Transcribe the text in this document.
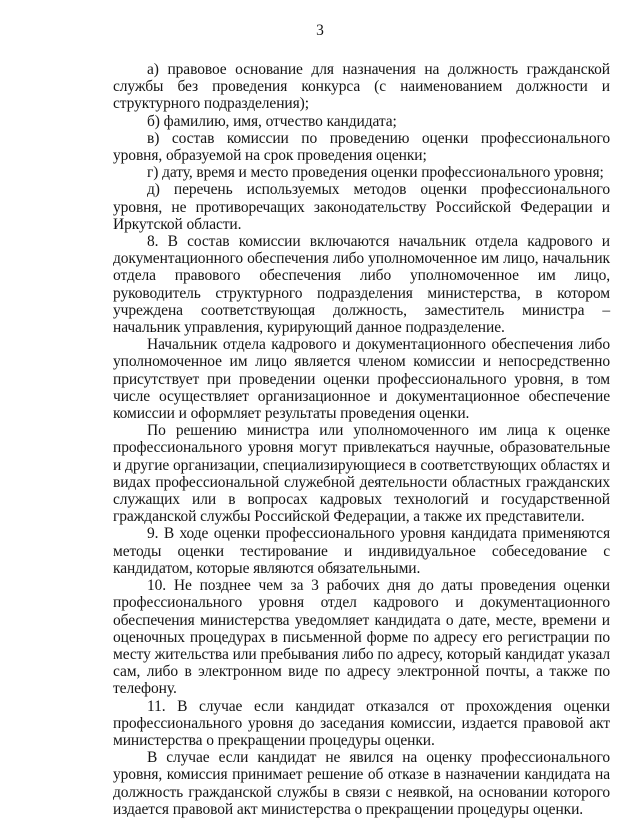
3

а) правовое основание для назначения на должность гражданской службы без проведения конкурса (с наименованием должности и структурного подразделения);

б) фамилию, имя, отчество кандидата;

в) состав комиссии по проведению оценки профессионального уровня, образуемой на срок проведения оценки;

г) дату, время и место проведения оценки профессионального уровня;

д) перечень используемых методов оценки профессионального уровня, не противоречащих законодательству Российской Федерации и Иркутской области.

8. В состав комиссии включаются начальник отдела кадрового и документационного обеспечения либо уполномоченное им лицо, начальник отдела правового обеспечения либо уполномоченное им лицо, руководитель структурного подразделения министерства, в котором учреждена соответствующая должность, заместитель министра – начальник управления, курирующий данное подразделение.

Начальник отдела кадрового и документационного обеспечения либо уполномоченное им лицо является членом комиссии и непосредственно присутствует при проведении оценки профессионального уровня, в том числе осуществляет организационное и документационное обеспечение комиссии и оформляет результаты проведения оценки.

По решению министра или уполномоченного им лица к оценке профессионального уровня могут привлекаться научные, образовательные и другие организации, специализирующиеся в соответствующих областях и видах профессиональной служебной деятельности областных гражданских служащих или в вопросах кадровых технологий и государственной гражданской службы Российской Федерации, а также их представители.

9. В ходе оценки профессионального уровня кандидата применяются методы оценки тестирование и индивидуальное собеседование с кандидатом, которые являются обязательными.

10. Не позднее чем за 3 рабочих дня до даты проведения оценки профессионального уровня отдел кадрового и документационного обеспечения министерства уведомляет кандидата о дате, месте, времени и оценочных процедурах в письменной форме по адресу его регистрации по месту жительства или пребывания либо по адресу, который кандидат указал сам, либо в электронном виде по адресу электронной почты, а также по телефону.

11. В случае если кандидат отказался от прохождения оценки профессионального уровня до заседания комиссии, издается правовой акт министерства о прекращении процедуры оценки.

В случае если кандидат не явился на оценку профессионального уровня, комиссия принимает решение об отказе в назначении кандидата на должность гражданской службы в связи с неявкой, на основании которого издается правовой акт министерства о прекращении процедуры оценки.
